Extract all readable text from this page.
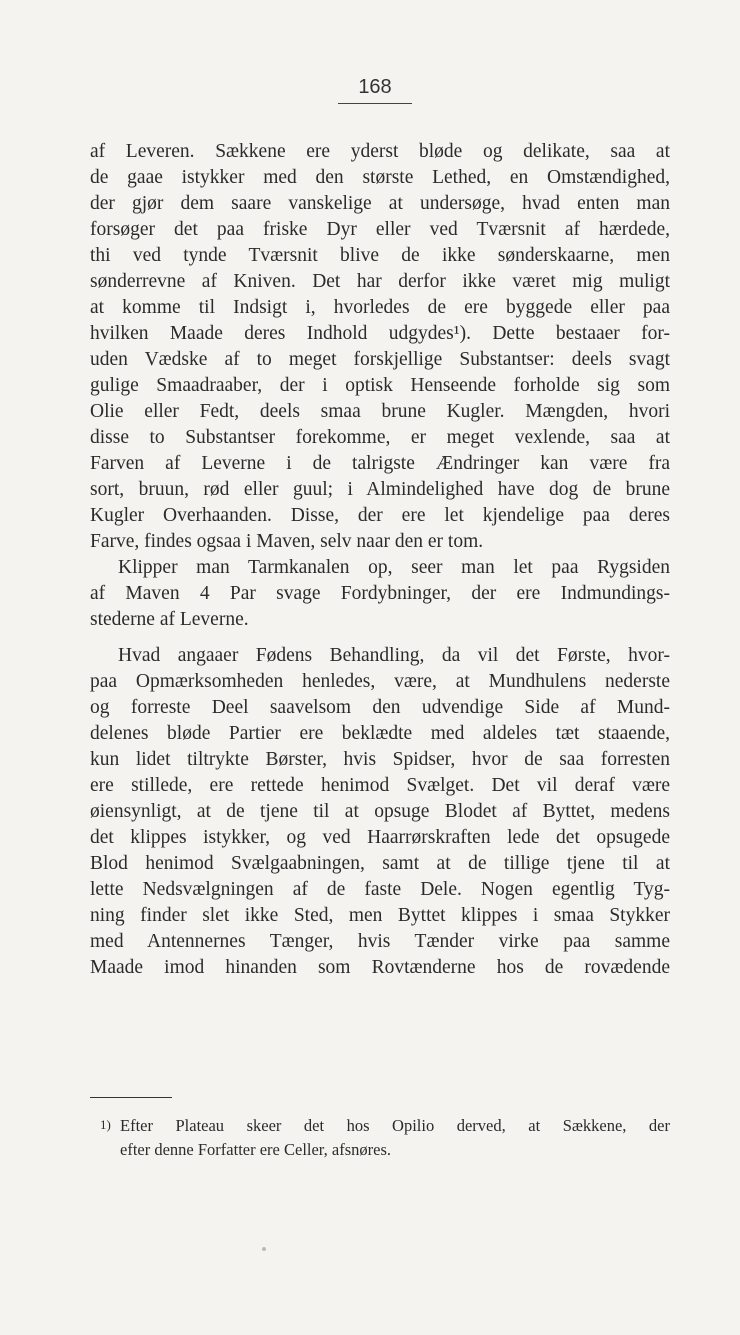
168
af Leveren. Sækkene ere yderst bløde og delikate, saa at
de gaae istykker med den største Lethed, en Omstændighed,
der gjør dem saare vanskelige at undersøge, hvad enten man
forsøger det paa friske Dyr eller ved Tværsnit af hærdede,
thi ved tynde Tværsnit blive de ikke sønderskaarne, men
sønderrevne af Kniven. Det har derfor ikke været mig muligt
at komme til Indsigt i, hvorledes de ere byggede eller paa
hvilken Maade deres Indhold udgydes¹). Dette bestaaer for-
uden Vædske af to meget forskjellige Substantser: deels svagt
gulige Smaadraaber, der i optisk Henseende forholde sig som
Olie eller Fedt, deels smaa brune Kugler. Mængden, hvori
disse to Substantser forekomme, er meget vexlende, saa at
Farven af Leverne i de talrigste Ændringer kan være fra
sort, bruun, rød eller guul; i Almindelighed have dog de brune
Kugler Overhaanden. Disse, der ere let kjendelige paa deres
Farve, findes ogsaa i Maven, selv naar den er tom.
Klipper man Tarmkanalen op, seer man let paa Rygsiden
af Maven 4 Par svage Fordybninger, der ere Indmundings-
stederne af Leverne.
Hvad angaaer Fødens Behandling, da vil det Første, hvor-
paa Opmærksomheden henledes, være, at Mundhulens nederste
og forreste Deel saavelsom den udvendige Side af Mund-
delenes bløde Partier ere beklædte med aldeles tæt staaende,
kun lidet tiltrykte Børster, hvis Spidser, hvor de saa forresten
ere stillede, ere rettede henimod Svælget. Det vil deraf være
øiensynligt, at de tjene til at opsuge Blodet af Byttet, medens
det klippes istykker, og ved Haarrørskraften lede det opsugede
Blod henimod Svælgaabningen, samt at de tillige tjene til at
lette Nedsvælgningen af de faste Dele. Nogen egentlig Tyg-
ning finder slet ikke Sted, men Byttet klippes i smaa Stykker
med Antennernes Tænger, hvis Tænder virke paa samme
Maade imod hinanden som Rovtænderne hos de rovædende
1) Efter Plateau skeer det hos Opilio derved, at Sækkene, der
efter denne Forfatter ere Celler, afsnøres.
